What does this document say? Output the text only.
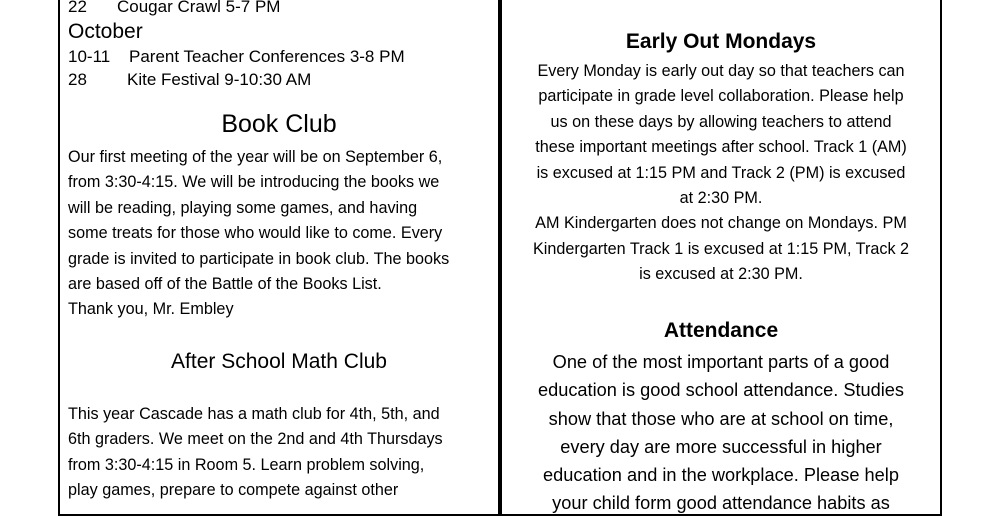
22 Cougar Crawl 5-7 PM
October
10-11 Parent Teacher Conferences 3-8 PM
28 Kite Festival 9-10:30 AM
Book Club
Our first meeting of the year will be on September 6,
from 3:30-4:15. We will be introducing the books we
will be reading, playing some games, and having
some treats for those who would like to come. Every
grade is invited to participate in book club. The books
are based off of the Battle of the Books List.
Thank you, Mr. Embley
After School Math Club
This year Cascade has a math club for 4th, 5th, and
6th graders. We meet on the 2nd and 4th Thursdays
from 3:30-4:15 in Room 5. Learn problem solving,
play games, prepare to compete against other
Early Out Mondays
Every Monday is early out day so that teachers can
participate in grade level collaboration. Please help
us on these days by allowing teachers to attend
these important meetings after school. Track 1 (AM)
is excused at 1:15 PM and Track 2 (PM) is excused
at 2:30 PM.
AM Kindergarten does not change on Mondays. PM
Kindergarten Track 1 is excused at 1:15 PM, Track 2
is excused at 2:30 PM.
Attendance
One of the most important parts of a good
education is good school attendance. Studies
show that those who are at school on time,
every day are more successful in higher
education and in the workplace. Please help
your child form good attendance habits as
